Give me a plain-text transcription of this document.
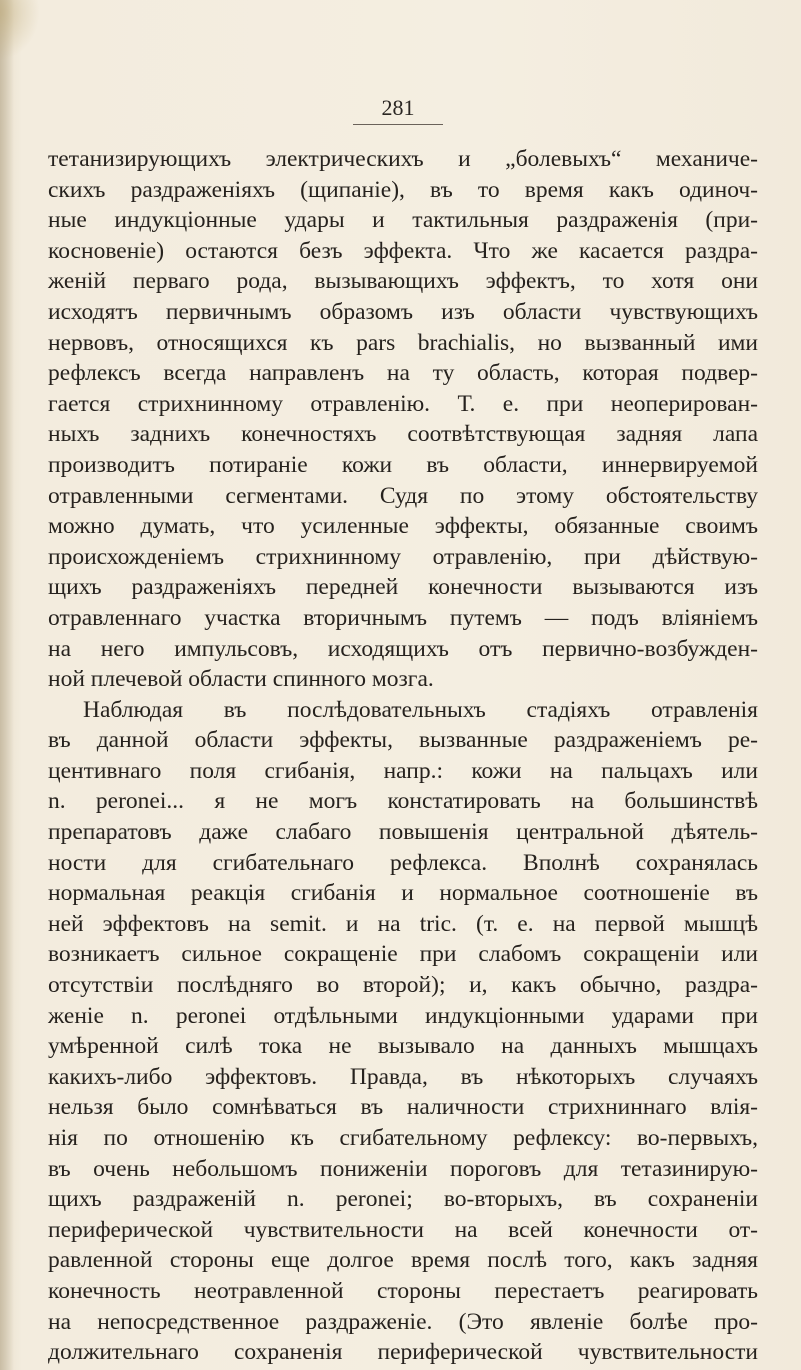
281
тетанизирующихъ электрическихъ и „болевыхъ“ механиче-
скихъ раздраженіяхъ (щипаніе), въ то время какъ одиноч-
ные индукціонные удары и тактильныя раздраженія (при-
косновеніе) остаются безъ эффекта. Что же касается раздра-
женій перваго рода, вызывающихъ эффектъ, то хотя они
исходятъ первичнымъ образомъ изъ области чувствующихъ
нервовъ, относящихся къ pars brachialis, но вызванный ими
рефлексъ всегда направленъ на ту область, которая подвер-
гается стрихнинному отравленію. Т. е. при неоперирован-
ныхъ заднихъ конечностяхъ соотвѣтствующая задняя лапа
производитъ потираніе кожи въ области, иннервируемой
отравленными сегментами. Судя по этому обстоятельству
можно думать, что усиленные эффекты, обязанные своимъ
происхожденіемъ стрихнинному отравленію, при дѣйствую-
щихъ раздраженіяхъ передней конечности вызываются изъ
отравленнаго участка вторичнымъ путемъ — подъ вліяніемъ
на него импульсовъ, исходящихъ отъ первично-возбужден-
ной плечевой области спинного мозга.
Наблюдая въ послѣдовательныхъ стадіяхъ отравленія
въ данной области эффекты, вызванные раздраженіемъ ре-
центивнаго поля сгибанія, напр.: кожи на пальцахъ или
n. peronei... я не могъ констатировать на большинствѣ
препаратовъ даже слабаго повышенія центральной дѣятель-
ности для сгибательнаго рефлекса. Вполнѣ сохранялась
нормальная реакція сгибанія и нормальное соотношеніе въ
ней эффектовъ на semit. и на tric. (т. е. на первой мышцѣ
возникаетъ сильное сокращеніе при слабомъ сокращеніи или
отсутствіи послѣдняго во второй); и, какъ обычно, раздра-
женіе n. peronei отдѣльными индукціонными ударами при
умѣренной силѣ тока не вызывало на данныхъ мышцахъ
какихъ-либо эффектовъ. Правда, въ нѣкоторыхъ случаяхъ
нельзя было сомнѣваться въ наличности стрихниннаго влія-
нія по отношенію къ сгибательному рефлексу: во-первыхъ,
въ очень небольшомъ пониженіи пороговъ для тетазинирую-
щихъ раздраженій n. peronei; во-вторыхъ, въ сохраненіи
периферической чувствительности на всей конечности от-
равленной стороны еще долгое время послѣ того, какъ задняя
конечность неотравленной стороны перестаетъ реагировать
на непосредственное раздраженіе. (Это явленіе болѣе про-
должительнаго сохраненія периферической чувствительности
